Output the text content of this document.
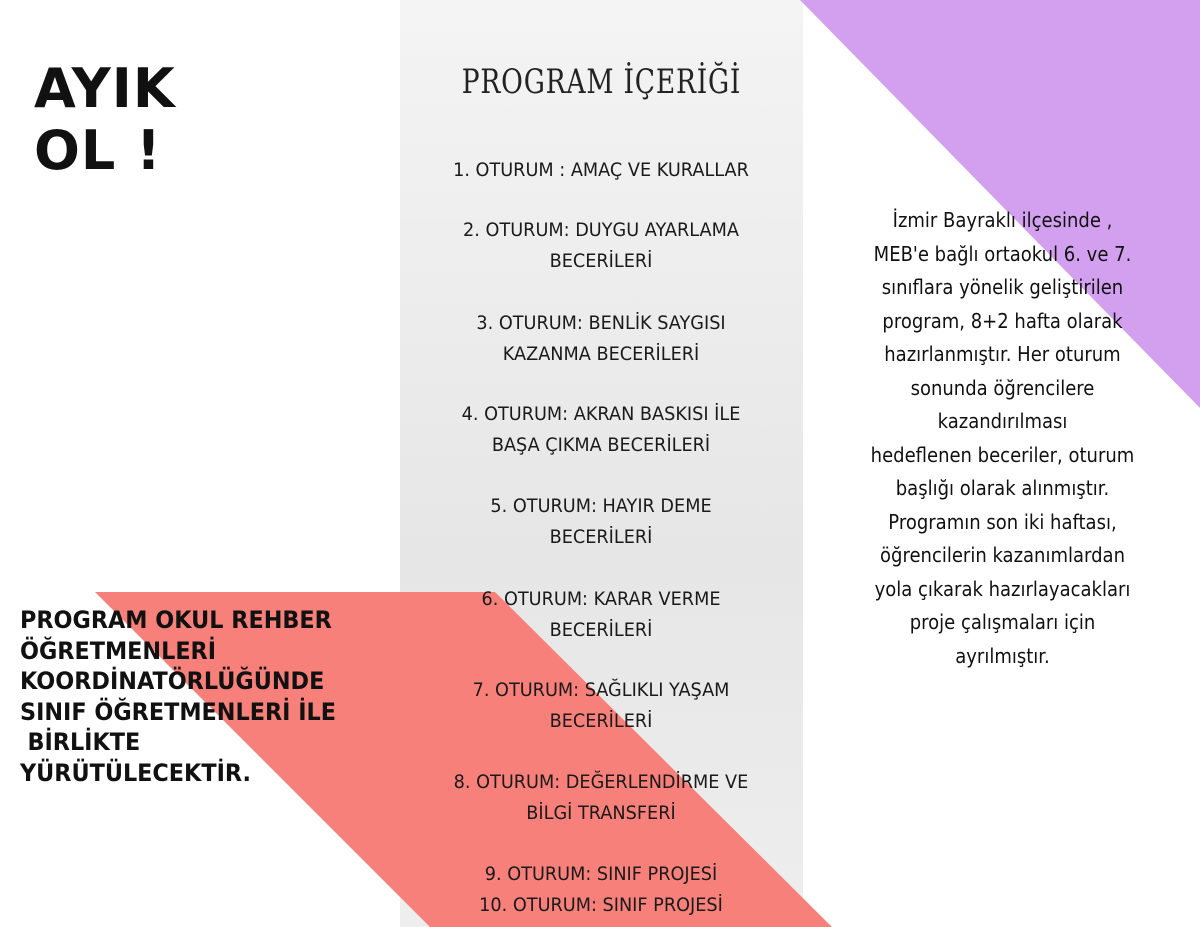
AYIK
OL !
PROGRAM İÇERİĞİ
1. OTURUM : AMAÇ VE KURALLAR
2. OTURUM: DUYGU AYARLAMA
BECERİLERİ
3. OTURUM: BENLİK SAYGISI
KAZANMA BECERİLERİ
4. OTURUM: AKRAN BASKISI İLE
BAŞA ÇIKMA BECERİLERİ
5. OTURUM: HAYIR DEME
BECERİLERİ
6. OTURUM: KARAR VERME
BECERİLERİ
7. OTURUM: SAĞLIKLI YAŞAM
BECERİLERİ
8. OTURUM: DEĞERLENDİRME VE
BİLGİ TRANSFERİ
9. OTURUM: SINIF PROJESİ
10. OTURUM: SINIF PROJESİ

İzmir Bayraklı ilçesinde ,
MEB'e bağlı ortaokul 6. ve 7.
sınıflara yönelik geliştirilen
program, 8+2 hafta olarak
hazırlanmıştır. Her oturum
sonunda öğrencilere
kazandırılması
hedeflenen beceriler, oturum
başlığı olarak alınmıştır.
Programın son iki haftası,
öğrencilerin kazanımlardan
yola çıkarak hazırlayacakları
proje çalışmaları için
ayrılmıştır.

PROGRAM OKUL REHBER
ÖĞRETMENLERİ
KOORDİNATÖRLÜĞÜNDE
SINIF ÖĞRETMENLERİ İLE
BİRLİKTE
YÜRÜTÜLECEKTİR.
